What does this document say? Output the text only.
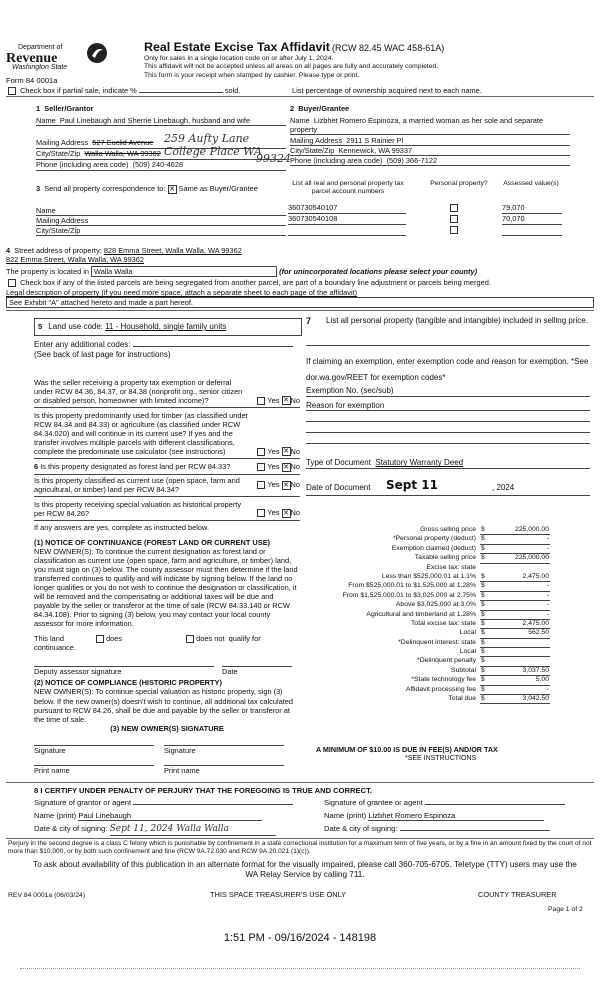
Department of
Revenue
Washington State
Form 84 0001a
Real Estate Excise Tax Affidavit (RCW 82.45 WAC 458-61A)
Only for sales in a single location code on or after July 1, 2024.
This affidavit will not be accepted unless all areas on all pages are fully and accurately completed.
This form is your receipt when stamped by cashier. Please type or print.
Check box if partial sale, indicate %	sold.	List percentage of ownership acquired next to each name.
1 Seller/Grantor
Name Paul Linebaugh and Sherrie Linebaugh, husband and wife
Mailing Address 527 Euclid Avenue 259 Aufty Lane
City/State/Zip Walla Walla, WA 99362 College Place WA
Phone (including area code) (509) 240-4628	99324
2 Buyer/Grantee
Name Lizbhet Romero Espinoza, a married woman as her sole and separate property
Mailing Address 2911 S Rainier Pl
City/State/Zip Kennewick, WA 99337
Phone (including area code) (509) 366-7122
3 Send all property correspondence to: ✕ Same as Buyer/Grantee
Name
Mailing Address
City/State/Zip
List all real and personal property tax parcel account numbers
Personal property?	Assessed value(s)
360730540107	79,070
360730540108	70,070
4 Street address of property: 828 Emma Street, Walla Walla, WA 99362
822 Emma Street, Walla Walla, WA 99362
The property is located in Walla Walla	(for unincorporated locations please select your county)
Check box if any of the listed parcels are being segregated from another parcel, are part of a boundary line adjustment or parcels being merged.
Legal description of property (if you need more space, attach a separate sheet to each page of the affidavit)
See Exhibit "A" attached hereto and made a part hereof.
5 Land use code: 11 - Household, single family units
Enter any additional codes:
(See back of last page for instructions)
Was the seller receiving a property tax exemption or deferral under RCW 84.36, 84.37, or 84.38 (nonprofit org., senior citizen or disabled person, homeowner with limited income)?	Yes ✕ No
Is this property predominantly used for timber (as classified under RCW 84.34 and 84.33) or agriculture (as classified under RCW 84.34.020) and will continue in its current use? If yes and the transfer involves multiple parcels with different classifications, complete the predominate use calculator (see instructions)	Yes ✕ No
6 Is this property designated as forest land per RCW 84.33?	Yes ✕ No
Is this property classified as current use (open space, farm and agricultural, or timber) land per RCW 84.34?
Yes ✕ No
Is this property receiving special valuation as historical property per RCW 84.26?	Yes ✕ No
If any answers are yes, complete as instructed below.
(1) NOTICE OF CONTINUANCE (FOREST LAND OR CURRENT USE)
NEW OWNER(S): To continue the current designation as forest land or classification as current use (open space, farm and agriculture, or timber) land, you must sign on (3) below. The county assessor must then determine if the land transferred continues to qualify and will indicate by signing below. If the land no longer qualifies or you do not wish to continue the designation or classification, it will be removed and the compensating or additional taxes will be due and payable by the seller or transferor at the time of sale (RCW 84.33.140 or RCW 84.34.108). Prior to signing (3) below, you may contact your local county assessor for more information.
This land	does	does not qualify for
continuance.
Deputy assessor signature	Date
(2) NOTICE OF COMPLIANCE (HISTORIC PROPERTY)
NEW OWNER(S): To continue special valuation as historic property, sign (3) below. If the new owner(s) doesn't wish to continue, all additional tax calculated pursuant to RCW 84.26, shall be due and payable by the seller or transferor at the time of sale.
(3) NEW OWNER(S) SIGNATURE
Signature	Signature
Print name	Print name
7	List all personal property (tangible and intangible) included in selling price.
If claiming an exemption, enter exemption code and reason for exemption. *See dor.wa.gov/REET for exemption codes*
Exemption No. (sec/sub)
Reason for exemption
Type of Document Statutory Warranty Deed
Date of Document Sept 11	, 2024
Gross selling price $	225,000.00
*Personal property (deduct) $	-
Exemption claimed (deduct) $	-
Taxable selling price $	225,000.00
Excise tax: state
Less than $525,000.01 at 1.1% $	2,475.00
From $525,000.01 to $1,525,000 at 1.28% $	-
From $1,525,000.01 to $3,025,000 at 2.75% $	-
Above $3,025,000 at 3.0% $	-
Agricultural and timberland at 1.28% $	-
Total excise tax: state $	2,475.00
Local $	562.50
*Delinquent interest: state $
Local $
*Delinquent penalty $
Subtotal $	3,037.50
*State technology fee $	5.00
Affidavit processing fee $	-
Total due $	3,042.50
A MINIMUM OF $10.00 IS DUE IN FEE(S) AND/OR TAX
*SEE INSTRUCTIONS
8 I CERTIFY UNDER PENALTY OF PERJURY THAT THE FOREGOING IS TRUE AND CORRECT.
Signature of grantor or agent	Signature of grantee or agent
Name (print) Paul Linebaugh	Name (print) Lizbhet Romero Espinoza
Date & city of signing: Sept 11, 2024 Walla Walla	Date & city of signing:
Perjury in the second degree is a class C felony which is punishable by confinement in a state correctional institution for a maximum term of five years, or by a fine in an amount fixed by the court of not more than $10,000, or by both such confinement and fine (RCW 9A.72.030 and RCW 9A.20.021 (1)(c)).
To ask about availability of this publication in an alternate format for the visually impaired, please call 360-705-6705. Teletype (TTY) users may use the WA Relay Service by calling 711.
REV 84 0001a (06/03/24)	THIS SPACE TREASURER'S USE ONLY	COUNTY TREASURER
Page 1 of 2
1:51 PM - 09/16/2024 - 148198
